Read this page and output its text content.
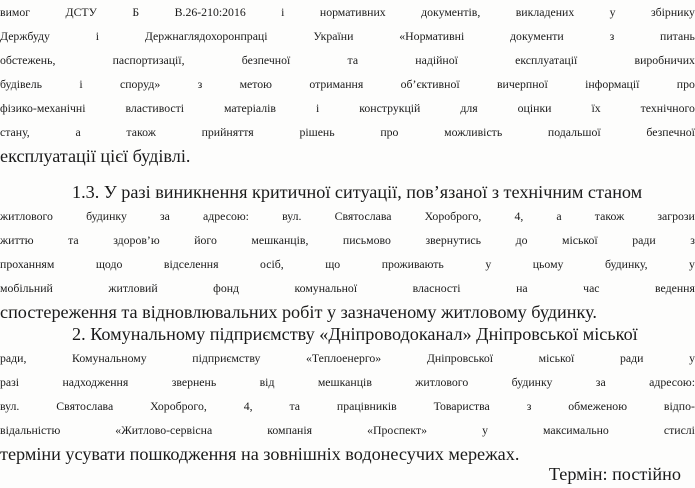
вимог	ДСТУ	Б	В.26-210:2016	і	нормативних	документів,	викладених	у	збірнику
Держбуду	і	Держнаглядохоронпраці	України	«Нормативні	документи	з	питань
обстежень,	паспортизації,	безпечної	та	надійної	експлуатації	виробничих
будівель	і	споруд»	з	метою	отримання	об’єктивної	вичерпної	інформації	про
фізико-механічні	властивості	матеріалів	і	конструкцій	для	оцінки	їх	технічного
стану,	а	також	прийняття	рішень	про	можливість	подальшої	безпечної
експлуатації цієї будівлі.
1.3. У разі виникнення критичної ситуації, пов’язаної з технічним станом
житлового	будинку	за	адресою:	вул.	Святослава	Хороброго,	4,	а	також	загрози
життю	та	здоров’ю	його	мешканців,	письмово	звернутись	до	міської	ради	з
проханням	щодо	відселення	осіб,	що	проживають	у	цьому	будинку,	у
мобільний	житловий	фонд	комунальної	власності	на	час	ведення
спостереження та відновлювальних робіт у зазначеному житловому будинку.
2. Комунальному підприємству «Дніпроводоканал» Дніпровської міської
ради,	Комунальному	підприємству	«Теплоенерго»	Дніпровської	міської	ради	у
разі	надходження	звернень	від	мешканців	житлового	будинку	за	адресою:
вул.	Святослава	Хороброго,	4,	та	працівників	Товариства	з	обмеженою	відпо-
відальністю	«Житлово-сервісна	компанія	«Проспект»	у	максимально	стислі
терміни усувати пошкодження на зовнішніх водонесучих мережах.
Термін: постійно
